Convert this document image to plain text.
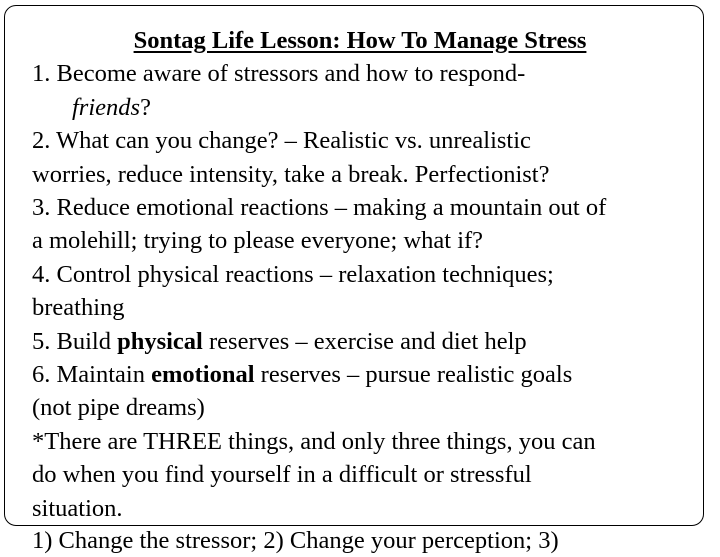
Sontag Life Lesson: How To Manage Stress
1. Become aware of stressors and how to respond-
friends?
2. What can you change? – Realistic vs. unrealistic
worries, reduce intensity, take a break. Perfectionist?
3. Reduce emotional reactions – making a mountain out of
a molehill; trying to please everyone; what if?
4. Control physical reactions – relaxation techniques;
breathing
5. Build physical reserves – exercise and diet help
6. Maintain emotional reserves – pursue realistic goals
(not pipe dreams)
*There are THREE things, and only three things, you can
do when you find yourself in a difficult or stressful
situation.
1) Change the stressor; 2) Change your perception; 3)
